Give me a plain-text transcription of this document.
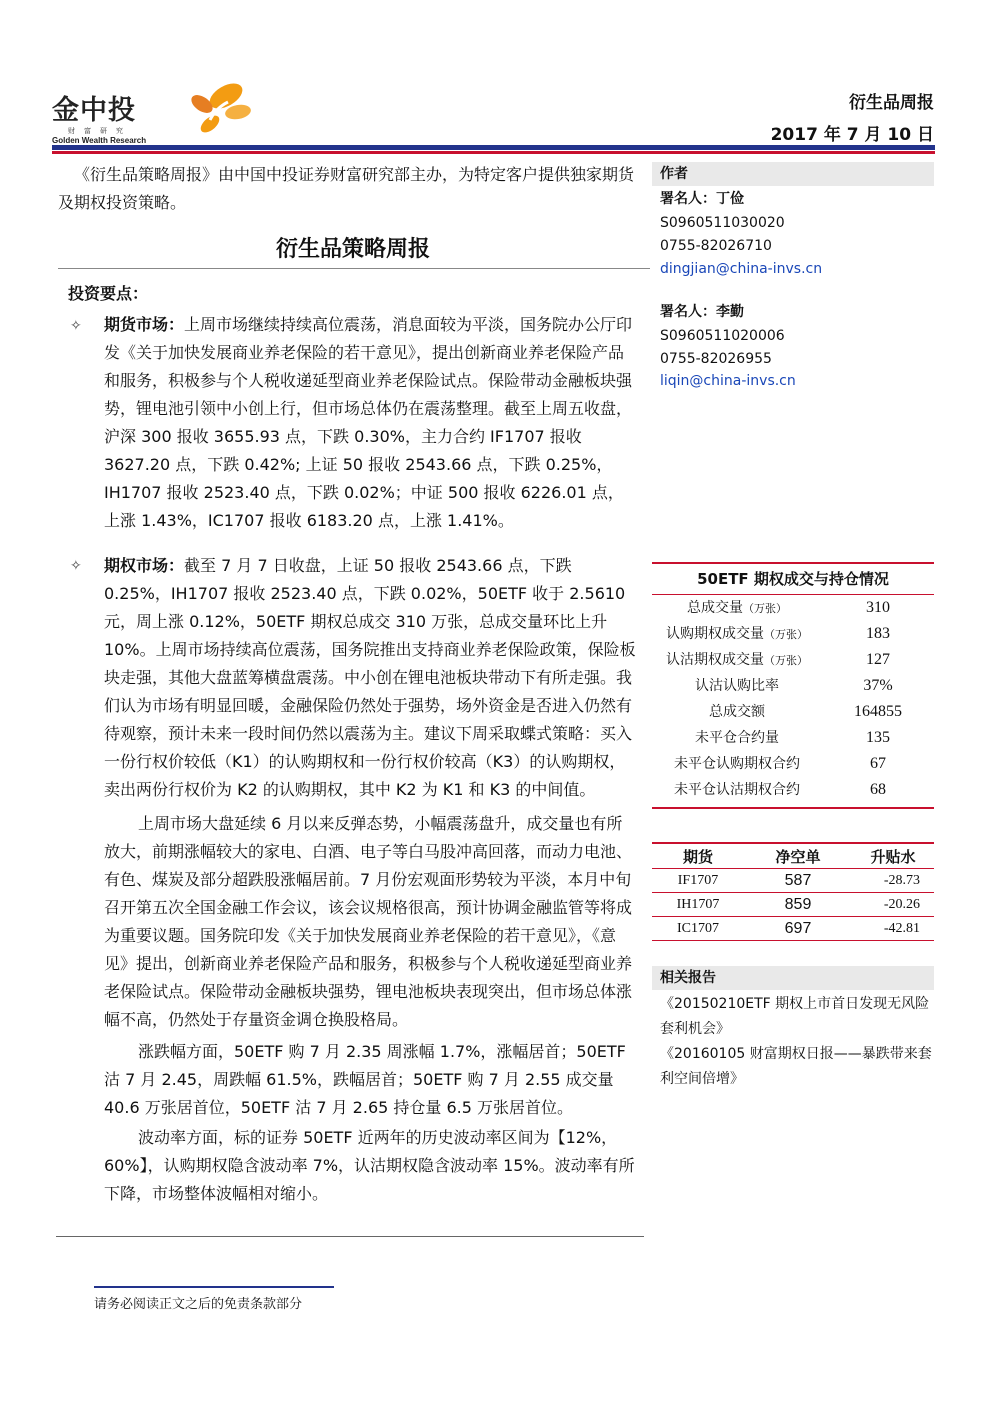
金中投
财富研究
Golden Wealth Research
衍生品周报
2017 年 7 月 10 日
《衍生品策略周报》由中国中投证券财富研究部主办，为特定客户提供独家期货及期权投资策略。
衍生品策略周报
投资要点：
✧ 期货市场：上周市场继续持续高位震荡，消息面较为平淡，国务院办公厅印发《关于加快发展商业养老保险的若干意见》，提出创新商业养老保险产品和服务，积极参与个人税收递延型商业养老保险试点。保险带动金融板块强势，锂电池引领中小创上行，但市场总体仍在震荡整理。截至上周五收盘，沪深 300 报收 3655.93 点，下跌 0.30%，主力合约 IF1707 报收 3627.20 点，下跌 0.42%; 上证 50 报收 2543.66 点，下跌 0.25%，IH1707 报收 2523.40 点，下跌 0.02%；中证 500 报收 6226.01 点，上涨 1.43%，IC1707 报收 6183.20 点，上涨 1.41%。
✧ 期权市场：截至 7 月 7 日收盘，上证 50 报收 2543.66 点，下跌 0.25%，IH1707 报收 2523.40 点，下跌 0.02%，50ETF 收于 2.5610 元，周上涨 0.12%，50ETF 期权总成交 310 万张，总成交量环比上升 10%。上周市场持续高位震荡，国务院推出支持商业养老保险政策，保险板块走强，其他大盘蓝筹横盘震荡。中小创在锂电池板块带动下有所走强。我们认为市场有明显回暖，金融保险仍然处于强势，场外资金是否进入仍然有待观察，预计未来一段时间仍然以震荡为主。建议下周采取蝶式策略：买入一份行权价较低（K1）的认购期权和一份行权价较高（K3）的认购期权，卖出两份行权价为 K2 的认购期权，其中 K2 为 K1 和 K3 的中间值。
上周市场大盘延续 6 月以来反弹态势，小幅震荡盘升，成交量也有所放大，前期涨幅较大的家电、白酒、电子等白马股冲高回落，而动力电池、有色、煤炭及部分超跌股涨幅居前。7 月份宏观面形势较为平淡，本月中旬召开第五次全国金融工作会议，该会议规格很高，预计协调金融监管等将成为重要议题。国务院印发《关于加快发展商业养老保险的若干意见》，《意见》提出，创新商业养老保险产品和服务，积极参与个人税收递延型商业养老保险试点。保险带动金融板块强势，锂电池板块表现突出，但市场总体涨幅不高，仍然处于存量资金调仓换股格局。
涨跌幅方面，50ETF 购 7 月 2.35 周涨幅 1.7%，涨幅居首；50ETF 沽 7 月 2.45，周跌幅 61.5%，跌幅居首；50ETF 购 7 月 2.55 成交量 40.6 万张居首位，50ETF 沽 7 月 2.65 持仓量 6.5 万张居首位。
波动率方面，标的证券 50ETF 近两年的历史波动率区间为【12%，60%】，认购期权隐含波动率 7%，认沽期权隐含波动率 15%。波动率有所下降，市场整体波幅相对缩小。
请务必阅读正文之后的免责条款部分
作者
署名人：丁俭
S0960511030020
0755-82026710
dingjian@china-invs.cn
署名人：李勤
S0960511020006
0755-82026955
liqin@china-invs.cn
50ETF 期权成交与持仓情况
总成交量（万张）	310
认购期权成交量（万张）	183
认沽期权成交量（万张）	127
认沽认购比率	37%
总成交额	164855
未平仓合约量	135
未平仓认购期权合约	67
未平仓认沽期权合约	68
期货	净空单	升贴水
IF1707	587	-28.73
IH1707	859	-20.26
IC1707	697	-42.81
相关报告
《20150210ETF 期权上市首日发现无风险套利机会》
《20160105 财富期权日报——暴跌带来套利空间倍增》
